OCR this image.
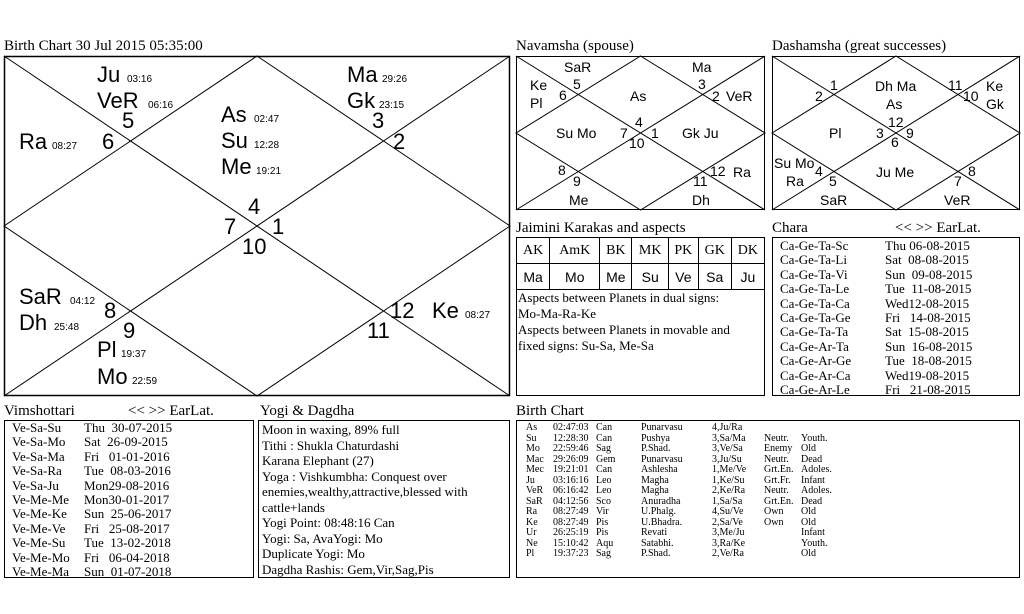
Birth Chart 30 Jul 2015 05:35:00
4
5
6
7
8
9
10
11
12
1
2
3
As 02:47
Su 12:28
Me 19:21
Ju 03:16
VeR 06:16
Ra 08:27
SaR 04:12
Dh 25:48
Pl 19:37
Mo 22:59
Ke 08:27
Ma 29:26
Gk 23:15
Navamsha (spouse)
SaR	Ma
Ke
Pl	As	VeR
Su Mo	Gk Ju
Ra
Me	Dh
5
6
3
2
4
7
10
1
8
9	11
12
Dashamsha (great successes)
Dh Ma
As
Ke
Gk
Pl
Su Mo
Ra
Ju Me
SaR	VeR
1
2
11
10
12
3 9
6
4
5
8
7
Jaimini Karakas and aspects
AK	AmK	BK	MK	PK	GK	DK
Ma	Mo	Me	Su	Ve	Sa	Ju
Aspects between Planets in dual signs:
Mo-Ma-Ra-Ke
Aspects between Planets in movable and
fixed signs: Su-Sa, Me-Sa
Chara	<< >> EarLat.
Ca-Ge-Ta-Sc	Thu 06-08-2015
Ca-Ge-Ta-Li	Sat  08-08-2015
Ca-Ge-Ta-Vi	Sun  09-08-2015
Ca-Ge-Ta-Le	Tue  11-08-2015
Ca-Ge-Ta-Ca	Wed12-08-2015
Ca-Ge-Ta-Ge	Fri   14-08-2015
Ca-Ge-Ta-Ta	Sat  15-08-2015
Ca-Ge-Ar-Ta	Sun  16-08-2015
Ca-Ge-Ar-Ge	Tue  18-08-2015
Ca-Ge-Ar-Ca	Wed19-08-2015
Ca-Ge-Ar-Le	Fri   21-08-2015
Vimshottari	<< >> EarLat.
Ve-Sa-Su Thu  30-07-2015
Ve-Sa-Mo Sat  26-09-2015
Ve-Sa-Ma Fri   01-01-2016
Ve-Sa-Ra Tue  08-03-2016
Ve-Sa-Ju Mon29-08-2016
Ve-Me-Me Mon30-01-2017
Ve-Me-Ke Sun  25-06-2017
Ve-Me-Ve Fri   25-08-2017
Ve-Me-Su Tue  13-02-2018
Ve-Me-Mo Fri   06-04-2018
Ve-Me-Ma Sun  01-07-2018
Yogi & Dagdha
Moon in waxing, 89% full
Tithi : Shukla Chaturdashi
Karana Elephant (27)
Yoga : Vishkumbha: Conquest over
enemies,wealthy,attractive,blessed with
cattle+lands
Yogi Point: 08:48:16 Can
Yogi: Sa, AvaYogi: Mo
Duplicate Yogi: Mo
Dagdha Rashis: Gem,Vir,Sag,Pis
Birth Chart
As 02:47:03 Can	Punarvasu	4,Ju/Ra
Su 12:28:30 Can	Pushya	3,Sa/Ma Neutr. Youth.
Mo 22:59:46 Sag	P.Shad.	3,Ve/Sa Enemy Old
Mac 29:26:09 Gem	Punarvasu	3,Ju/Su Neutr. Dead
Mec 19:21:01 Can	Ashlesha	1,Me/Ve Grt.En. Adoles.
Ju 03:16:16 Leo	Magha	1,Ke/Su Grt.Fr. Infant
VeR 06:16:42 Leo	Magha	2,Ke/Ra Neutr. Adoles.
SaR 04:12:56 Sco	Anuradha	1,Sa/Sa Grt.En. Dead
Ra 08:27:49 Vir	U.Phalg.	4,Su/Ve Own Old
Ke 08:27:49 Pis	U.Bhadra.	2,Sa/Ve Own Old
Ur 26:25:19 Pis	Revati	3,Me/Ju	Infant
Ne 15:10:42 Aqu	Satabhi.	3,Ra/Ke	Youth.
Pl 19:37:23 Sag	P.Shad.	2,Ve/Ra	Old
